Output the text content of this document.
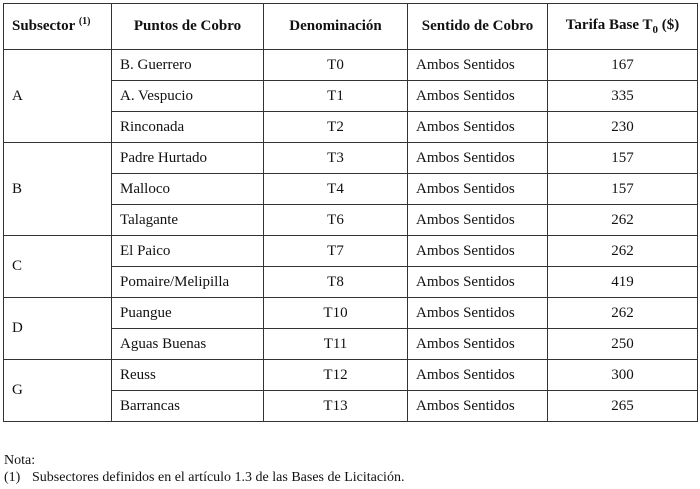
Subsector $^{(1)}$	Puntos de Cobro	Denominación	Sentido de Cobro	Tarifa Base $T_0$ ($)
A	B. Guerrero	T0	Ambos Sentidos	167
	A. Vespucio	T1	Ambos Sentidos	335
	Rinconada	T2	Ambos Sentidos	230
B	Padre Hurtado	T3	Ambos Sentidos	157
	Malloco	T4	Ambos Sentidos	157
	Talagante	T6	Ambos Sentidos	262
C	El Paico	T7	Ambos Sentidos	262
	Pomaire/Melipilla	T8	Ambos Sentidos	419
D	Puangue	T10	Ambos Sentidos	262
	Aguas Buenas	T11	Ambos Sentidos	250
G	Reuss	T12	Ambos Sentidos	300
	Barrancas	T13	Ambos Sentidos	265
Nota:
(1) Subsectores definidos en el artículo 1.3 de las Bases de Licitación.
